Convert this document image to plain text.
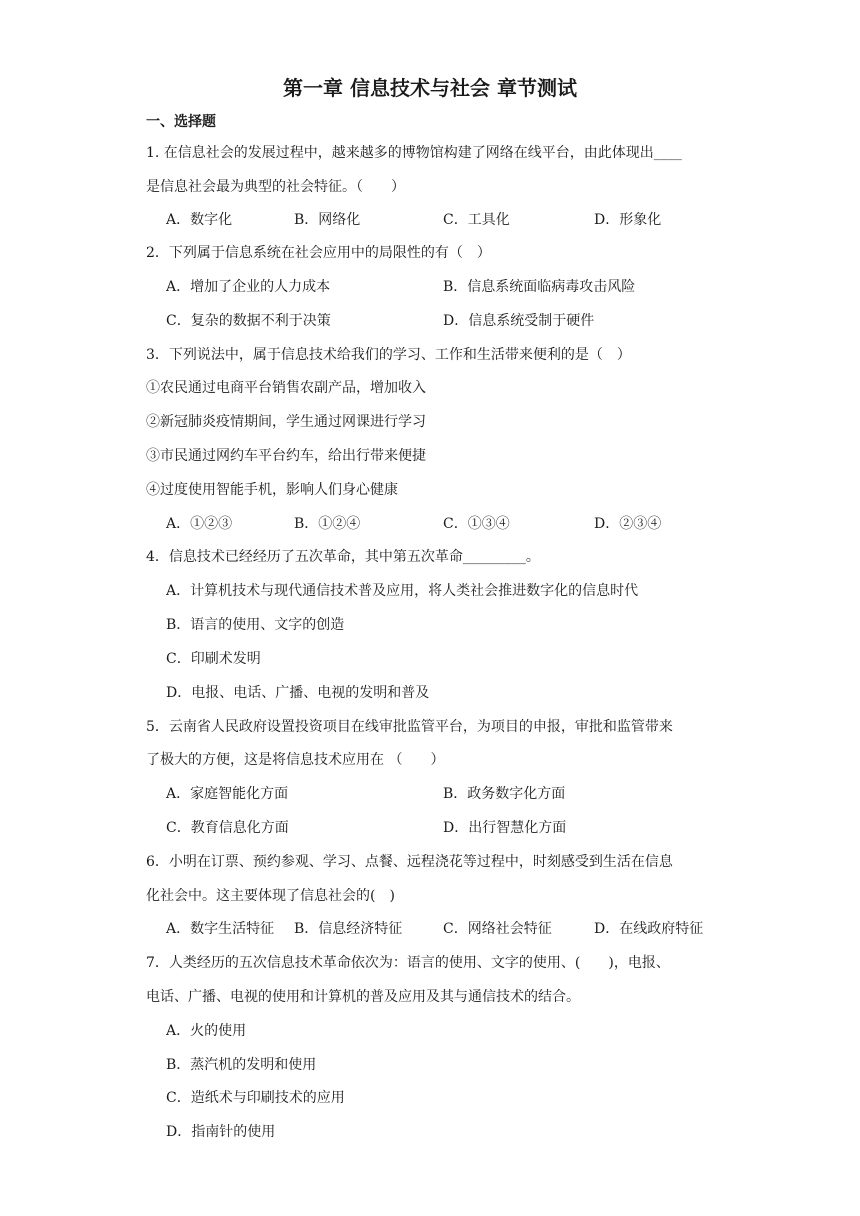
第一章 信息技术与社会 章节测试
一、选择题
1. 在信息社会的发展过程中，越来越多的博物馆构建了网络在线平台，由此体现出____
是信息社会最为典型的社会特征。（　　）
A．数字化	B．网络化	C．工具化	D．形象化
2．下列属于信息系统在社会应用中的局限性的有（　）
A．增加了企业的人力成本	B．信息系统面临病毒攻击风险
C．复杂的数据不利于决策	D．信息系统受制于硬件
3．下列说法中，属于信息技术给我们的学习、工作和生活带来便利的是（　）
①农民通过电商平台销售农副产品，增加收入
②新冠肺炎疫情期间，学生通过网课进行学习
③市民通过网约车平台约车，给出行带来便捷
④过度使用智能手机，影响人们身心健康
A．①②③	B．①②④	C．①③④	D．②③④
4．信息技术已经经历了五次革命，其中第五次革命_________。
A．计算机技术与现代通信技术普及应用，将人类社会推进数字化的信息时代
B．语言的使用、文字的创造
C．印刷术发明
D．电报、电话、广播、电视的发明和普及
5．云南省人民政府设置投资项目在线审批监管平台，为项目的申报，审批和监管带来
了极大的方便，这是将信息技术应用在 （　　）
A．家庭智能化方面	B．政务数字化方面
C．教育信息化方面	D．出行智慧化方面
6．小明在订票、预约参观、学习、点餐、远程浇花等过程中，时刻感受到生活在信息
化社会中。这主要体现了信息社会的(　)
A．数字生活特征 B．信息经济特征	C．网络社会特征	D．在线政府特征
7．人类经历的五次信息技术革命依次为：语言的使用、文字的使用、(　　)，电报、
电话、广播、电视的使用和计算机的普及应用及其与通信技术的结合。
A．火的使用
B．蒸汽机的发明和使用
C．造纸术与印刷技术的应用
D．指南针的使用
